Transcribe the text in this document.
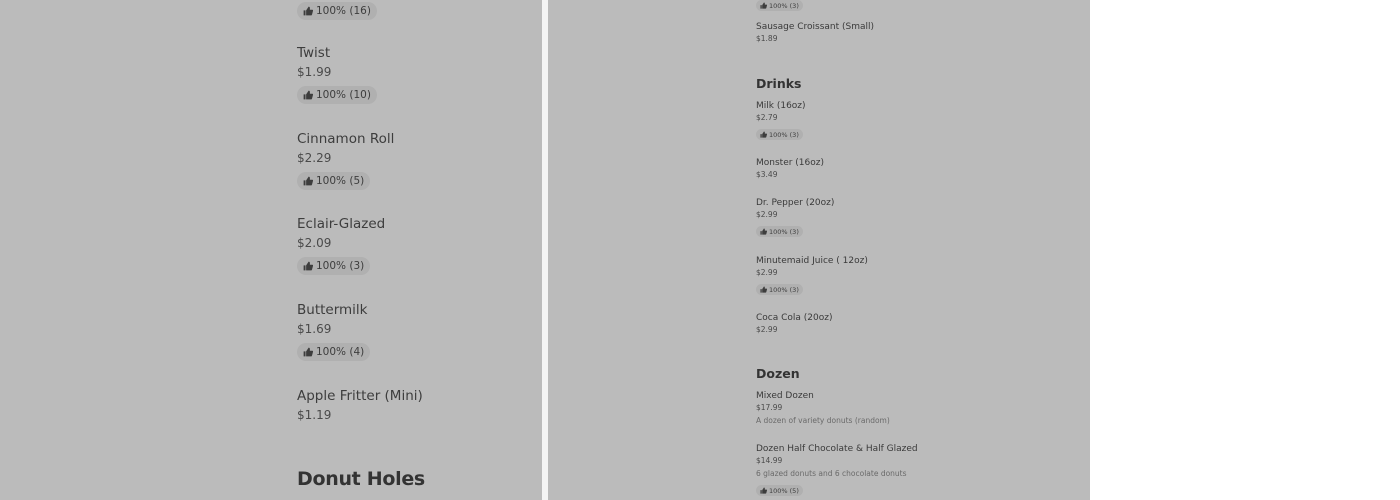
100% (16)
Twist
$1.99
100% (10)
Cinnamon Roll
$2.29
100% (5)
Eclair-Glazed
$2.09
100% (3)
Buttermilk
$1.69
100% (4)
Apple Fritter (Mini)
$1.19
Donut Holes
100% (3)
Sausage Croissant (Small)
$1.89
Drinks
Milk (16oz)
$2.79
100% (3)
Monster (16oz)
$3.49
Dr. Pepper (20oz)
$2.99
100% (3)
Minutemaid Juice ( 12oz)
$2.99
100% (3)
Coca Cola (20oz)
$2.99
Dozen
Mixed Dozen
$17.99
A dozen of variety donuts (random)
Dozen Half Chocolate & Half Glazed
$14.99
6 glazed donuts and 6 chocolate donuts
100% (5)
